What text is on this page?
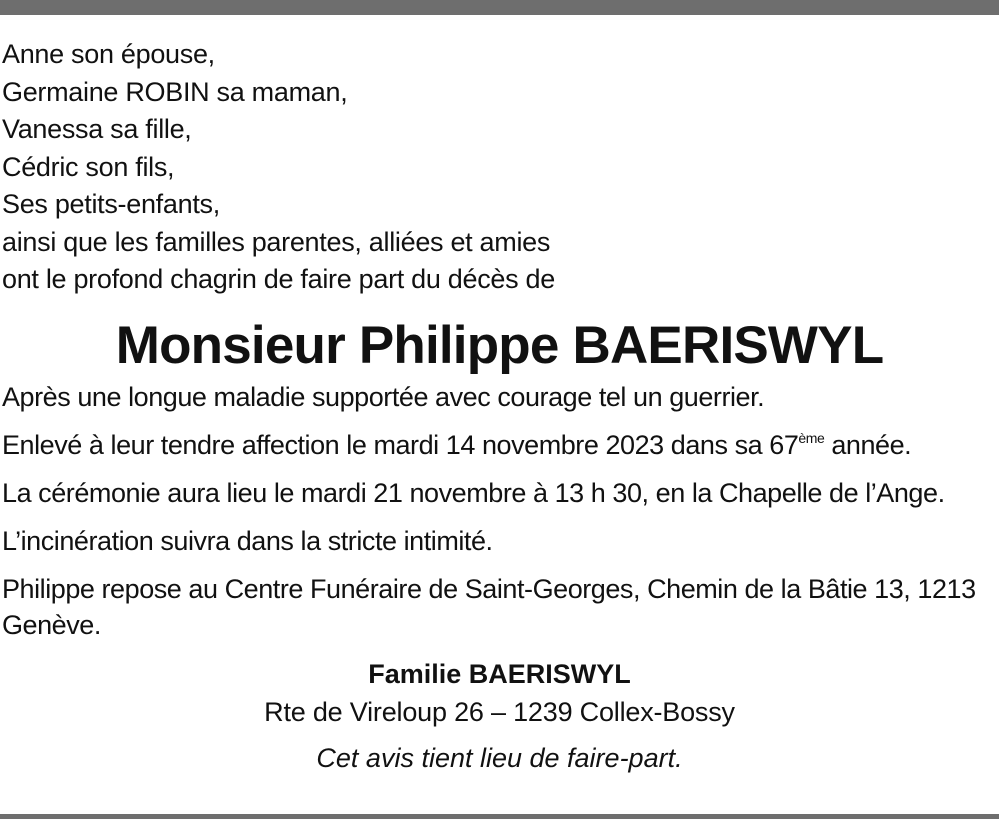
Anne son épouse,
Germaine ROBIN sa maman,
Vanessa sa fille,
Cédric son fils,
Ses petits-enfants,
ainsi que les familles parentes, alliées et amies
ont le profond chagrin de faire part du décès de
Monsieur Philippe BAERISWYL
Après une longue maladie supportée avec courage tel un guerrier.
Enlevé à leur tendre affection le mardi 14 novembre 2023 dans sa 67ème année.
La cérémonie aura lieu le mardi 21 novembre à 13 h 30, en la Chapelle de l’Ange.
L’incinération suivra dans la stricte intimité.
Philippe repose au Centre Funéraire de Saint-Georges, Chemin de la Bâtie 13, 1213 Genève.
Familie BAERISWYL
Rte de Vireloup 26 – 1239 Collex-Bossy
Cet avis tient lieu de faire-part.
